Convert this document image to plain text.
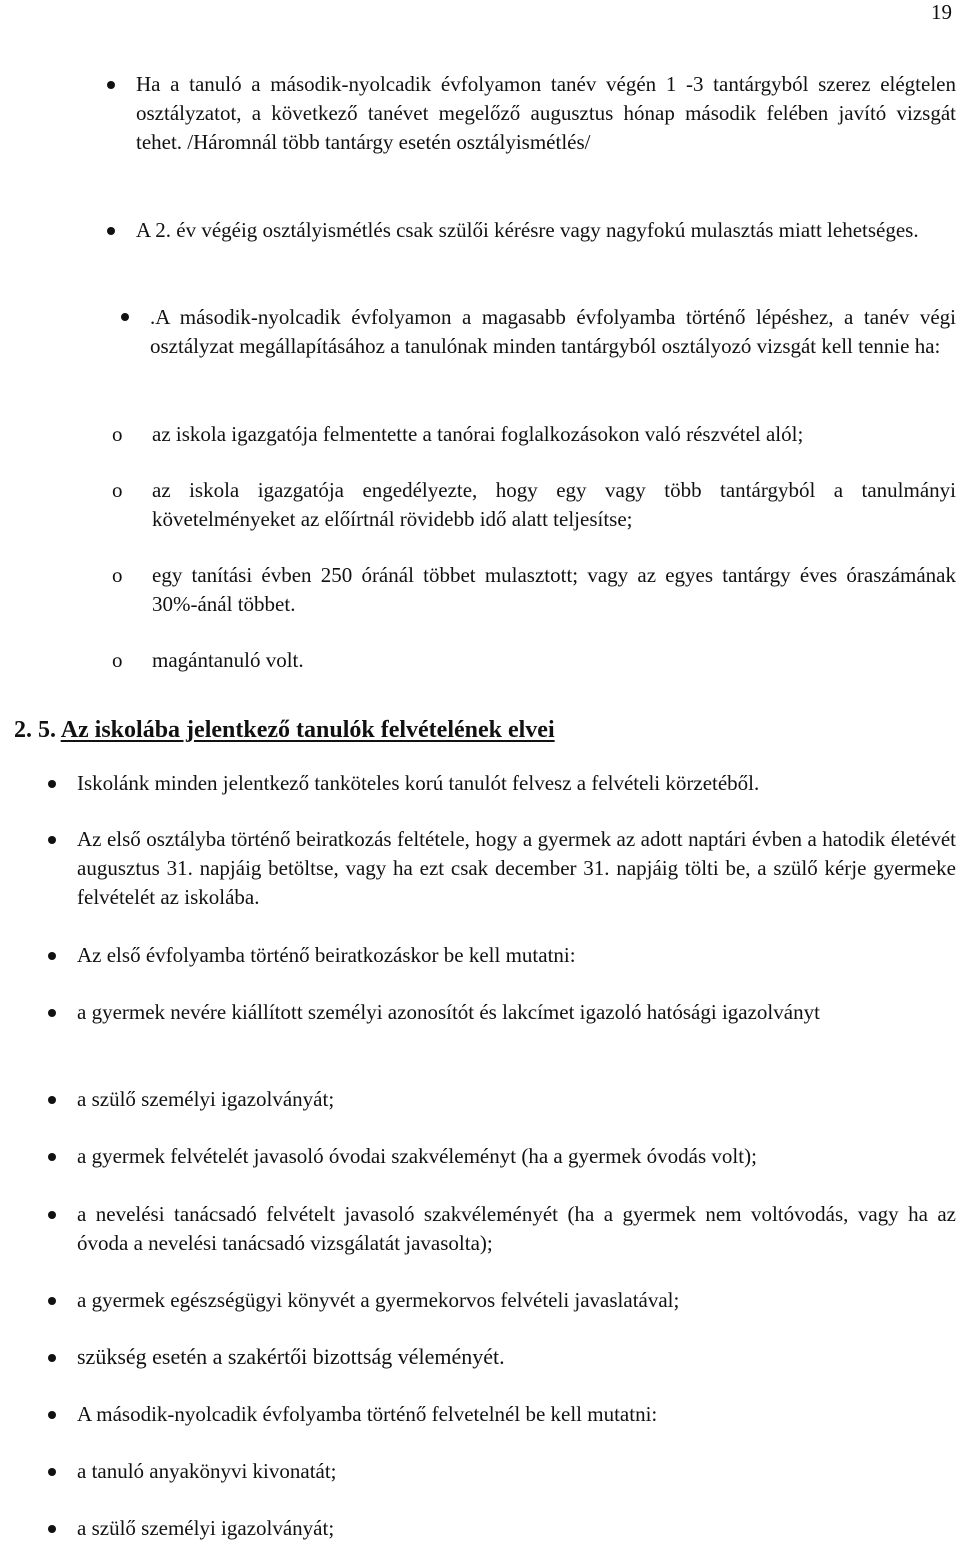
19
Ha a tanuló a második-nyolcadik évfolyamon tanév végén 1 -3 tantárgyból szerez elégtelen osztályzatot, a következő tanévet megelőző augusztus hónap második felében javító vizsgát tehet. /Háromnál több tantárgy esetén osztályismétlés/
A 2. év végéig osztályismétlés csak szülői kérésre vagy nagyfokú mulasztás miatt lehetséges.
.A második-nyolcadik évfolyamon a magasabb évfolyamba történő lépéshez, a tanév végi osztályzat megállapításához a tanulónak minden tantárgyból osztályozó vizsgát kell tennie ha:
o az iskola igazgatója felmentette a tanórai foglalkozásokon való részvétel alól;
o az iskola igazgatója engedélyezte, hogy egy vagy több tantárgyból a tanulmányi követelményeket az előírtnál rövidebb idő alatt teljesítse;
o egy tanítási évben 250 óránál többet mulasztott; vagy az egyes tantárgy éves óraszámának 30%-ánál többet.
o magántanuló volt.
2. 5. Az iskolába jelentkező tanulók felvételének elvei
Iskolánk minden jelentkező tanköteles korú tanulót felvesz a felvételi körzetéből.
Az első osztályba történő beiratkozás feltétele, hogy a gyermek az adott naptári évben a hatodik életévét augusztus 31. napjáig betöltse, vagy ha ezt csak december 31. napjáig tölti be, a szülő kérje gyermeke felvételét az iskolába.
Az első évfolyamba történő beiratkozáskor be kell mutatni:
a gyermek nevére kiállított személyi azonosítót és lakcímet igazoló hatósági igazolványt
a szülő személyi igazolványát;
a gyermek felvételét javasoló óvodai szakvéleményt (ha a gyermek óvodás volt);
a nevelési tanácsadó felvételt javasoló szakvéleményét (ha a gyermek nem voltóvodás, vagy ha az óvoda a nevelési tanácsadó vizsgálatát javasolta);
a gyermek egészségügyi könyvét a gyermekorvos felvételi javaslatával;
szükség esetén a szakértői bizottság véleményét.
A második-nyolcadik évfolyamba történő felvetelnél be kell mutatni:
a tanuló anyakönyvi kivonatát;
a szülő személyi igazolványát;
